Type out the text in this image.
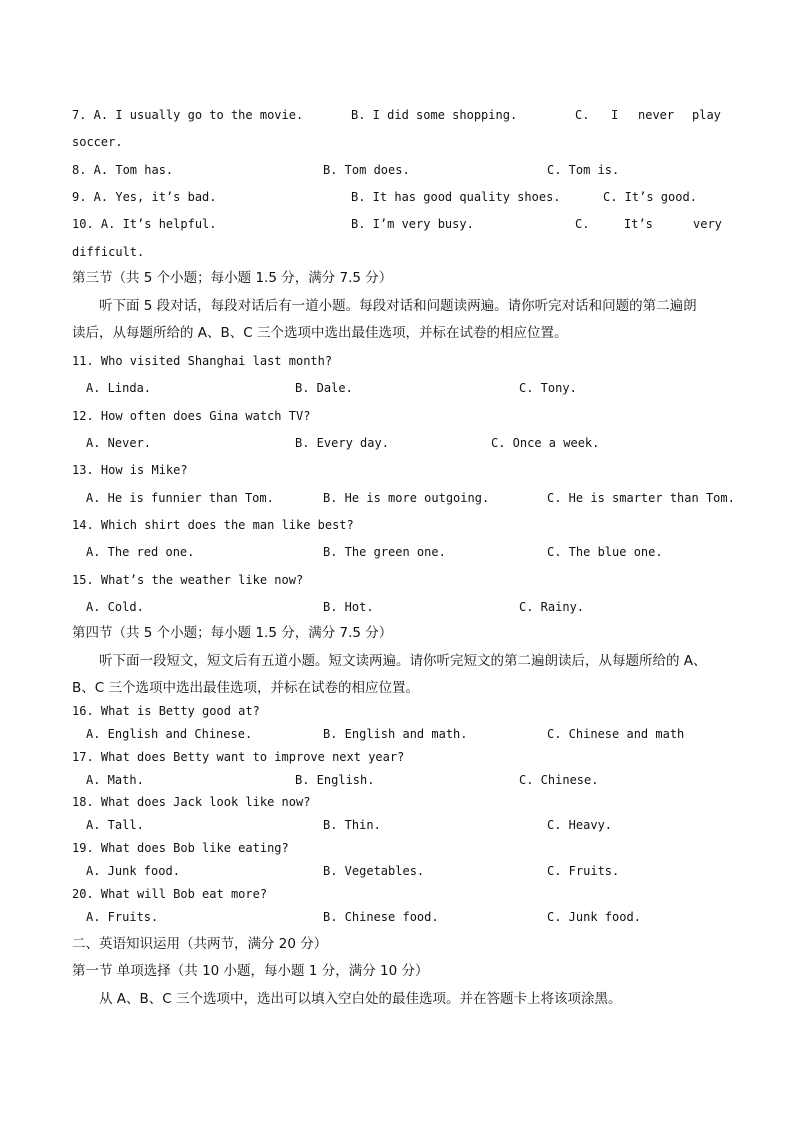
7. A. I usually go to the movie.	B. I did some shopping.	C. I never play
soccer.
8. A. Tom has.	B. Tom does.	C. Tom is.
9. A. Yes, it’s bad.	B. It has good quality shoes.	C. It’s good.
10. A. It’s helpful.	B. I’m very busy.	C.	It’s	very
difficult.
第三节（共 5 个小题；每小题 1.5 分，满分 7.5 分）
听下面 5 段对话，每段对话后有一道小题。每段对话和问题读两遍。请你听完对话和问题的第二遍朗
读后，从每题所给的 A、B、C 三个选项中选出最佳选项，并标在试卷的相应位置。
11. Who visited Shanghai last month?
A. Linda.	B. Dale.	C. Tony.
12. How often does Gina watch TV?
A. Never.	B. Every day.	C. Once a week.
13. How is Mike?
A. He is funnier than Tom.	B. He is more outgoing.	C. He is smarter than Tom.
14. Which shirt does the man like best?
A. The red one.	B. The green one.	C. The blue one.
15. What’s the weather like now?
A. Cold.	B. Hot.	C. Rainy.
第四节（共 5 个小题；每小题 1.5 分，满分 7.5 分）
听下面一段短文，短文后有五道小题。短文读两遍。请你听完短文的第二遍朗读后，从每题所给的 A、
B、C 三个选项中选出最佳选项，并标在试卷的相应位置。
16. What is Betty good at?
A. English and Chinese.	B. English and math.	C. Chinese and math
17. What does Betty want to improve next year?
A. Math.	B. English.	C. Chinese.
18. What does Jack look like now?
A. Tall.	B. Thin.	C. Heavy.
19. What does Bob like eating?
A. Junk food.	B. Vegetables.	C. Fruits.
20. What will Bob eat more?
A. Fruits.	B. Chinese food.	C. Junk food.
二、英语知识运用（共两节，满分 20 分）
第一节 单项选择（共 10 小题，每小题 1 分，满分 10 分）
从 A、B、C 三个选项中，选出可以填入空白处的最佳选项。并在答题卡上将该项涂黑。
